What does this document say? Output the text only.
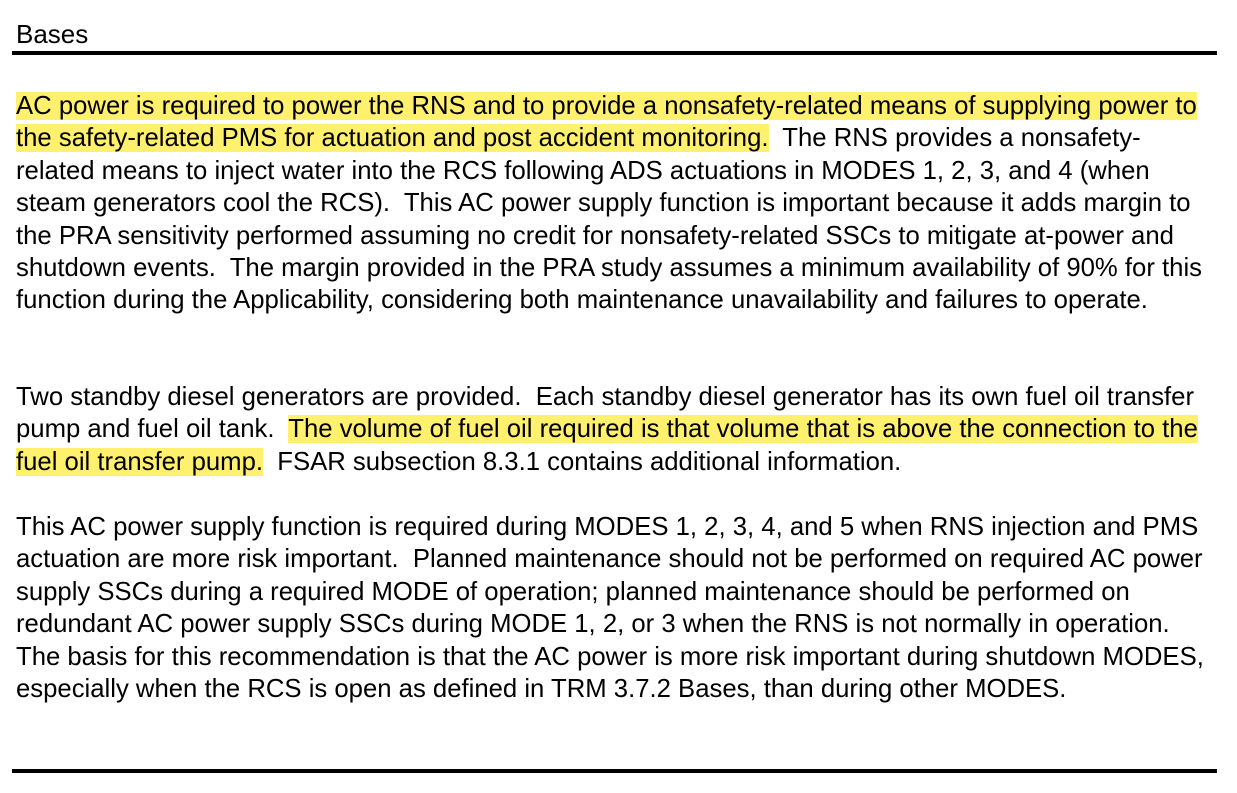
Bases

AC power is required to power the RNS and to provide a nonsafety-related means of supplying power to the safety-related PMS for actuation and post accident monitoring.  The RNS provides a nonsafety-related means to inject water into the RCS following ADS actuations in MODES 1, 2, 3, and 4 (when steam generators cool the RCS).  This AC power supply function is important because it adds margin to the PRA sensitivity performed assuming no credit for nonsafety-related SSCs to mitigate at-power and shutdown events.  The margin provided in the PRA study assumes a minimum availability of 90% for this function during the Applicability, considering both maintenance unavailability and failures to operate.

Two standby diesel generators are provided.  Each standby diesel generator has its own fuel oil transfer pump and fuel oil tank.  The volume of fuel oil required is that volume that is above the connection to the fuel oil transfer pump.  FSAR subsection 8.3.1 contains additional information.

This AC power supply function is required during MODES 1, 2, 3, 4, and 5 when RNS injection and PMS actuation are more risk important.  Planned maintenance should not be performed on required AC power supply SSCs during a required MODE of operation; planned maintenance should be performed on redundant AC power supply SSCs during MODE 1, 2, or 3 when the RNS is not normally in operation.  The basis for this recommendation is that the AC power is more risk important during shutdown MODES, especially when the RCS is open as defined in TRM 3.7.2 Bases, than during other MODES.
